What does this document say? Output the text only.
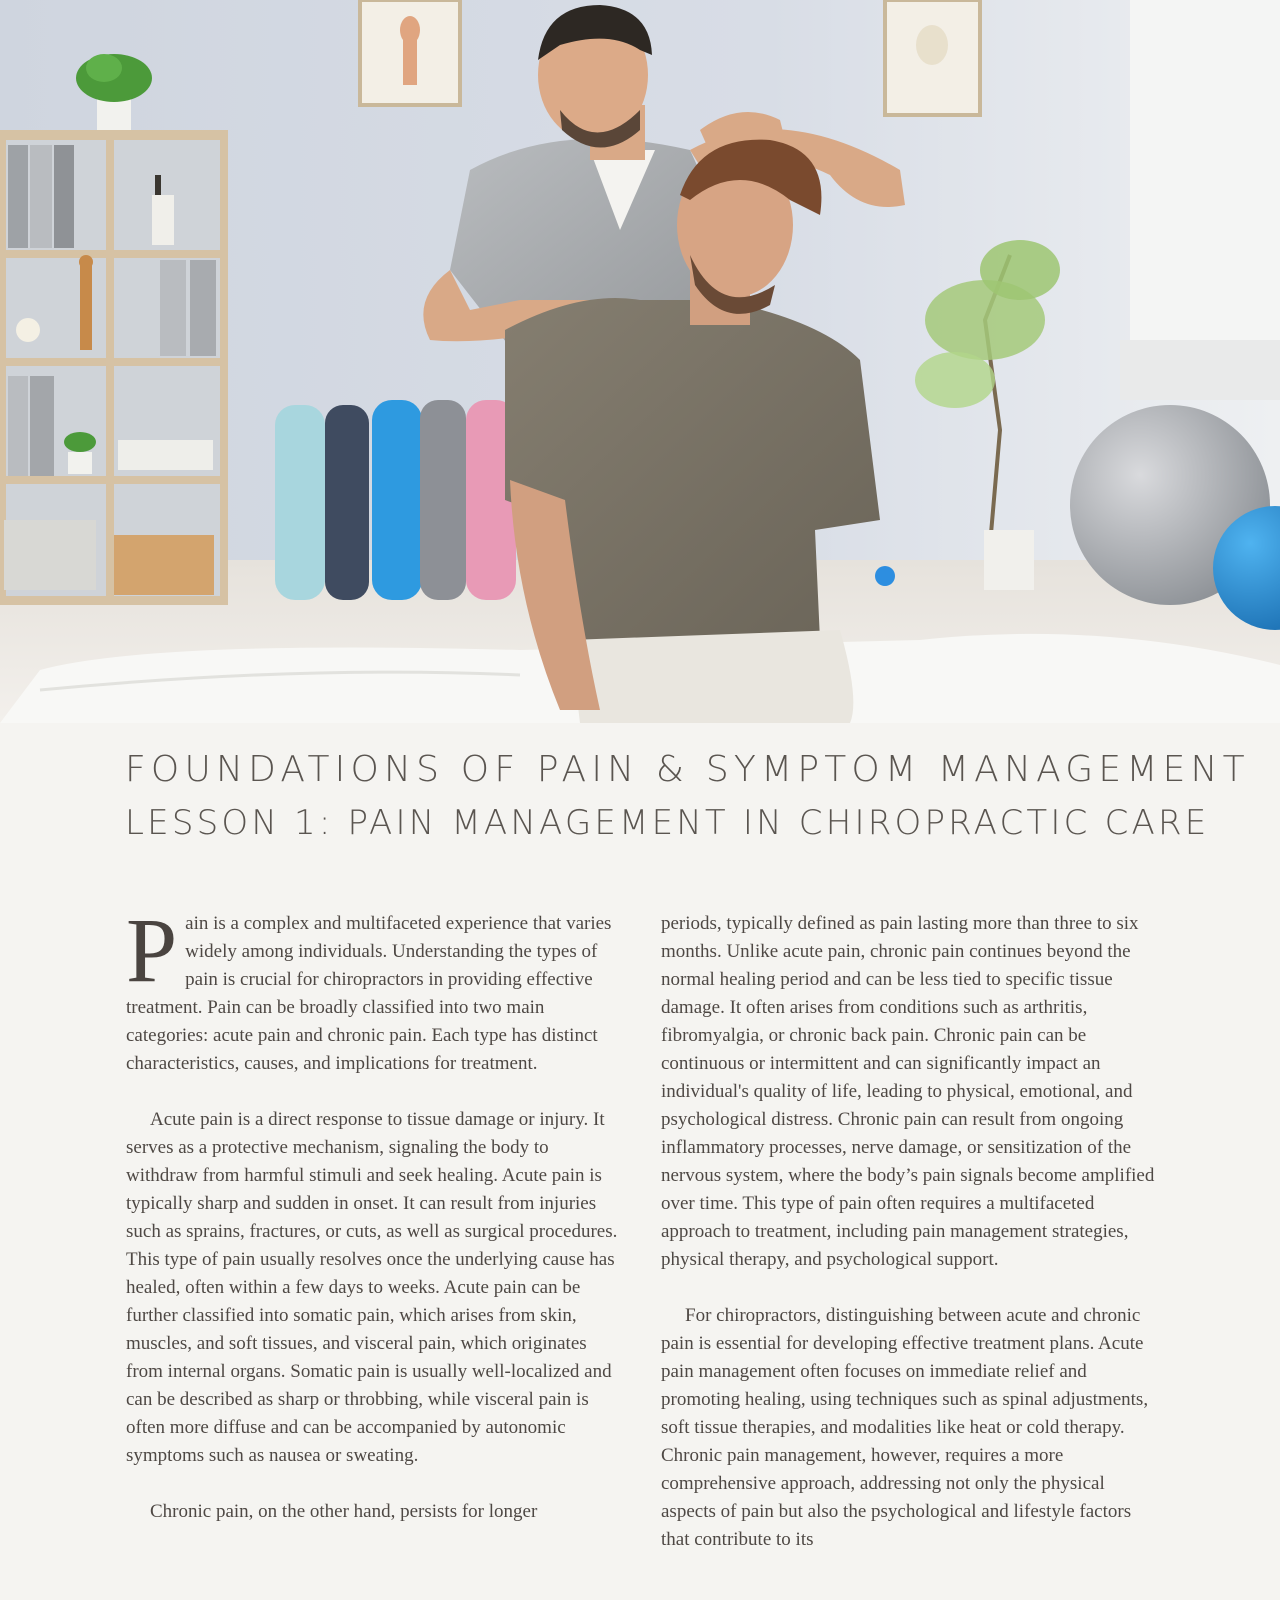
FOUNDATIONS OF PAIN & SYMPTOM MANAGEMENT
LESSON 1: PAIN MANAGEMENT IN CHIROPRACTIC CARE

Pain is a complex and multifaceted experience that varies widely among individuals. Understanding the types of pain is crucial for chiropractors in providing effective treatment. Pain can be broadly classified into two main categories: acute pain and chronic pain. Each type has distinct characteristics, causes, and implications for treatment.

Acute pain is a direct response to tissue damage or injury. It serves as a protective mechanism, signaling the body to withdraw from harmful stimuli and seek healing. Acute pain is typically sharp and sudden in onset. It can result from injuries such as sprains, fractures, or cuts, as well as surgical procedures. This type of pain usually resolves once the underlying cause has healed, often within a few days to weeks. Acute pain can be further classified into somatic pain, which arises from skin, muscles, and soft tissues, and visceral pain, which originates from internal organs. Somatic pain is usually well-localized and can be described as sharp or throbbing, while visceral pain is often more diffuse and can be accompanied by autonomic symptoms such as nausea or sweating.

Chronic pain, on the other hand, persists for longer

periods, typically defined as pain lasting more than three to six months. Unlike acute pain, chronic pain continues beyond the normal healing period and can be less tied to specific tissue damage. It often arises from conditions such as arthritis, fibromyalgia, or chronic back pain. Chronic pain can be continuous or intermittent and can significantly impact an individual's quality of life, leading to physical, emotional, and psychological distress. Chronic pain can result from ongoing inflammatory processes, nerve damage, or sensitization of the nervous system, where the body’s pain signals become amplified over time. This type of pain often requires a multifaceted approach to treatment, including pain management strategies, physical therapy, and psychological support.

For chiropractors, distinguishing between acute and chronic pain is essential for developing effective treatment plans. Acute pain management often focuses on immediate relief and promoting healing, using techniques such as spinal adjustments, soft tissue therapies, and modalities like heat or cold therapy. Chronic pain management, however, requires a more comprehensive approach, addressing not only the physical aspects of pain but also the psychological and lifestyle factors that contribute to its
